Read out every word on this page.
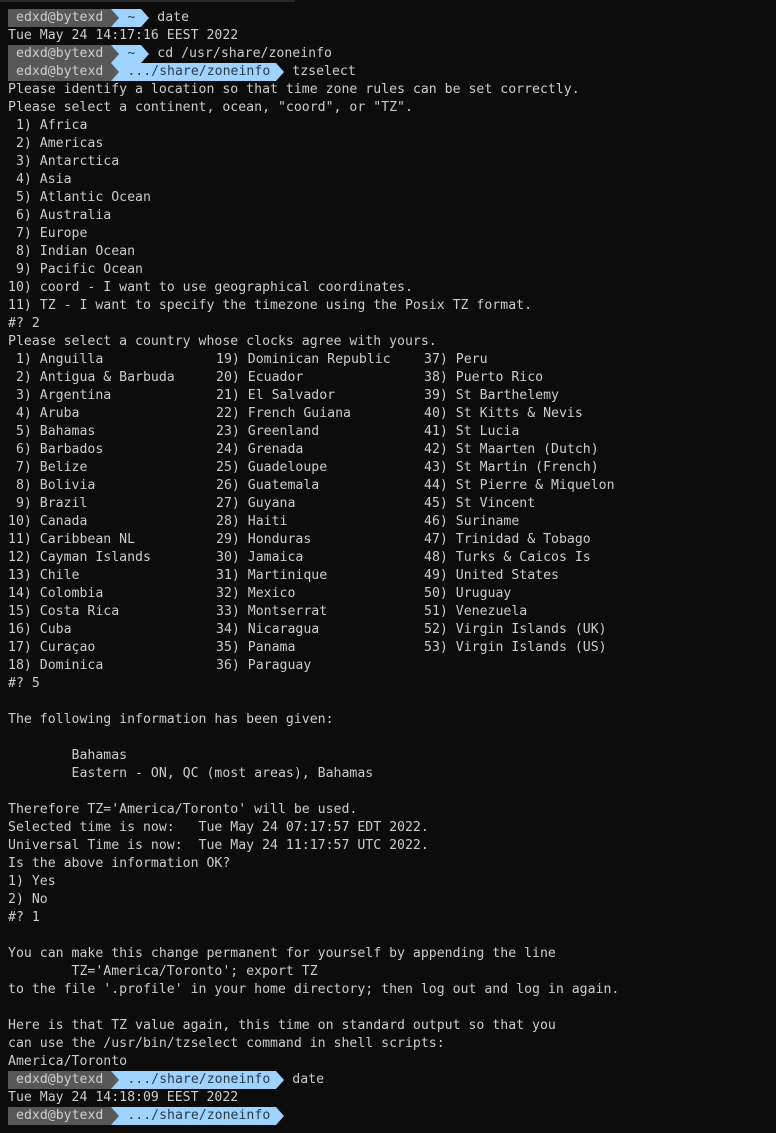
edxd@bytexd	~	date
Tue May 24 14:17:16 EEST 2022
edxd@bytexd	~	cd /usr/share/zoneinfo
edxd@bytexd	.../share/zoneinfo	tzselect
Please identify a location so that time zone rules can be set correctly.
Please select a continent, ocean, "coord", or "TZ".
1) Africa
2) Americas
3) Antarctica
4) Asia
5) Atlantic Ocean
6) Australia
7) Europe
8) Indian Ocean
9) Pacific Ocean
10) coord - I want to use geographical coordinates.
11) TZ - I want to specify the timezone using the Posix TZ format.
#? 2
Please select a country whose clocks agree with yours.
1) Anguilla	19) Dominican Republic	37) Peru
2) Antigua & Barbuda	20) Ecuador	38) Puerto Rico
3) Argentina	21) El Salvador	39) St Barthelemy
4) Aruba	22) French Guiana	40) St Kitts & Nevis
5) Bahamas	23) Greenland	41) St Lucia
6) Barbados	24) Grenada	42) St Maarten (Dutch)
7) Belize	25) Guadeloupe	43) St Martin (French)
8) Bolivia	26) Guatemala	44) St Pierre & Miquelon
9) Brazil	27) Guyana	45) St Vincent
10) Canada	28) Haiti	46) Suriname
11) Caribbean NL	29) Honduras	47) Trinidad & Tobago
12) Cayman Islands	30) Jamaica	48) Turks & Caicos Is
13) Chile	31) Martinique	49) United States
14) Colombia	32) Mexico	50) Uruguay
15) Costa Rica	33) Montserrat	51) Venezuela
16) Cuba	34) Nicaragua	52) Virgin Islands (UK)
17) Curaçao	35) Panama	53) Virgin Islands (US)
18) Dominica	36) Paraguay
#? 5
The following information has been given:
Bahamas
Eastern - ON, QC (most areas), Bahamas
Therefore TZ='America/Toronto' will be used.
Selected time is now:   Tue May 24 07:17:57 EDT 2022.
Universal Time is now:  Tue May 24 11:17:57 UTC 2022.
Is the above information OK?
1) Yes
2) No
#? 1
You can make this change permanent for yourself by appending the line
TZ='America/Toronto'; export TZ
to the file '.profile' in your home directory; then log out and log in again.
Here is that TZ value again, this time on standard output so that you
can use the /usr/bin/tzselect command in shell scripts:
America/Toronto
edxd@bytexd	.../share/zoneinfo	date
Tue May 24 14:18:09 EEST 2022
edxd@bytexd	.../share/zoneinfo
